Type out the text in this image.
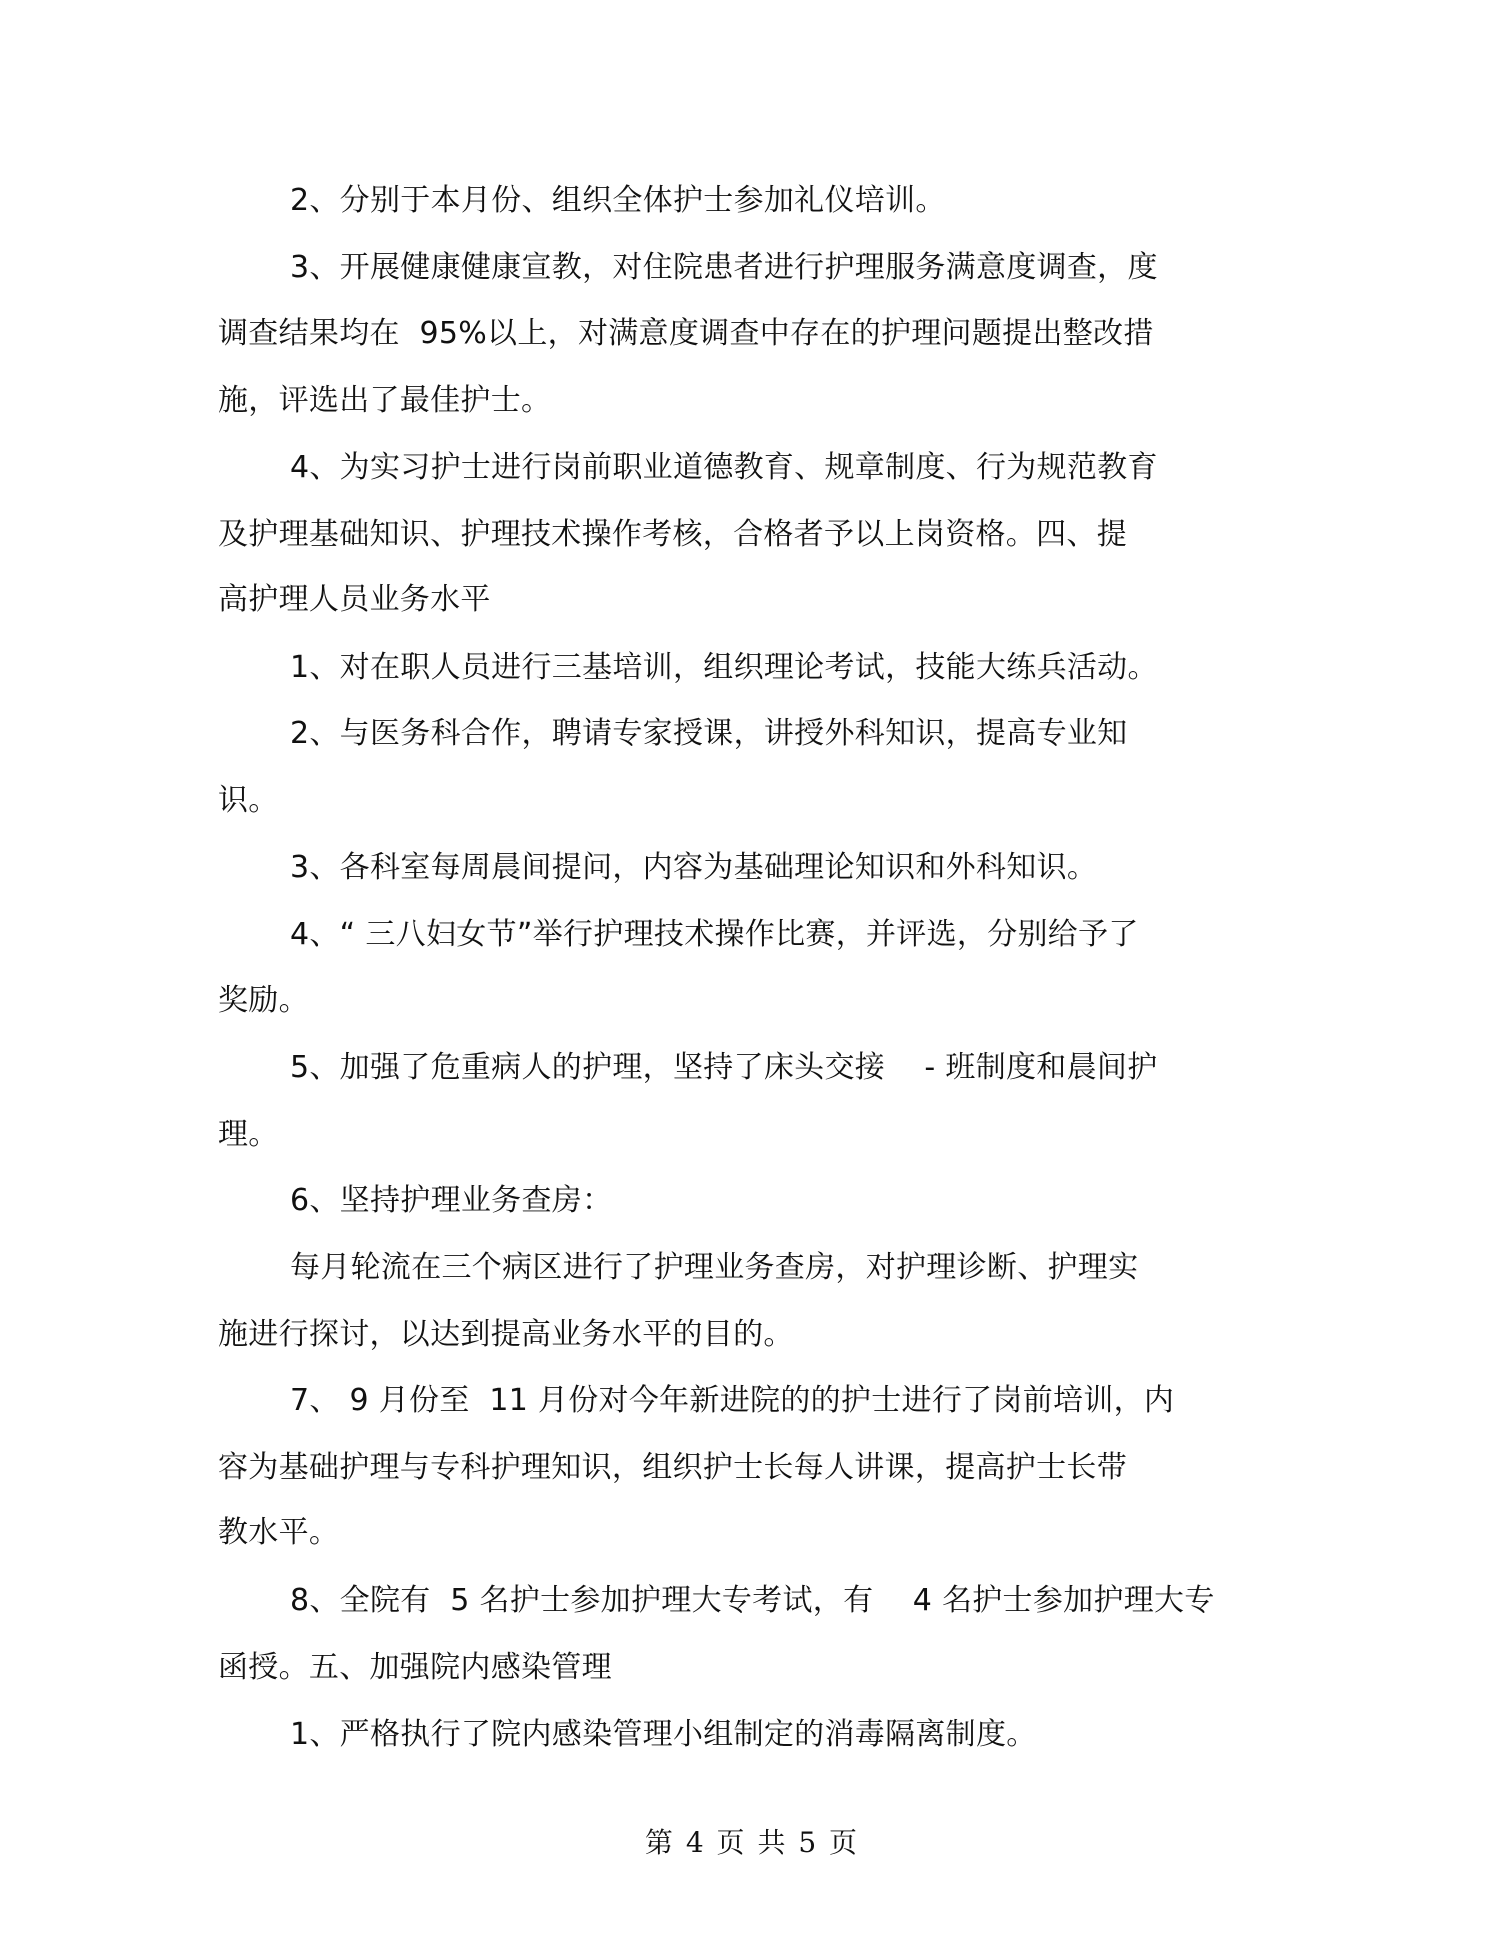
2、分别于本月份、组织全体护士参加礼仪培训。
3、开展健康健康宣教，对住院患者进行护理服务满意度调查，度
调查结果均在  95%以上，对满意度调查中存在的护理问题提出整改措
施，评选出了最佳护士。
4、为实习护士进行岗前职业道德教育、规章制度、行为规范教育
及护理基础知识、护理技术操作考核，合格者予以上岗资格。四、提
高护理人员业务水平
1、对在职人员进行三基培训，组织理论考试，技能大练兵活动。
2、与医务科合作，聘请专家授课，讲授外科知识，提高专业知
识。
3、各科室每周晨间提问，内容为基础理论知识和外科知识。
4、“ 三八妇女节”举行护理技术操作比赛，并评选，分别给予了
奖励。
5、加强了危重病人的护理，坚持了床头交接    - 班制度和晨间护
理。
6、坚持护理业务查房：
每月轮流在三个病区进行了护理业务查房，对护理诊断、护理实
施进行探讨，以达到提高业务水平的目的。
7、 9 月份至  11 月份对今年新进院的的护士进行了岗前培训，内
容为基础护理与专科护理知识，组织护士长每人讲课，提高护士长带
教水平。
8、全院有  5 名护士参加护理大专考试，有    4 名护士参加护理大专
函授。五、加强院内感染管理
1、严格执行了院内感染管理小组制定的消毒隔离制度。
第 4 页 共 5 页
